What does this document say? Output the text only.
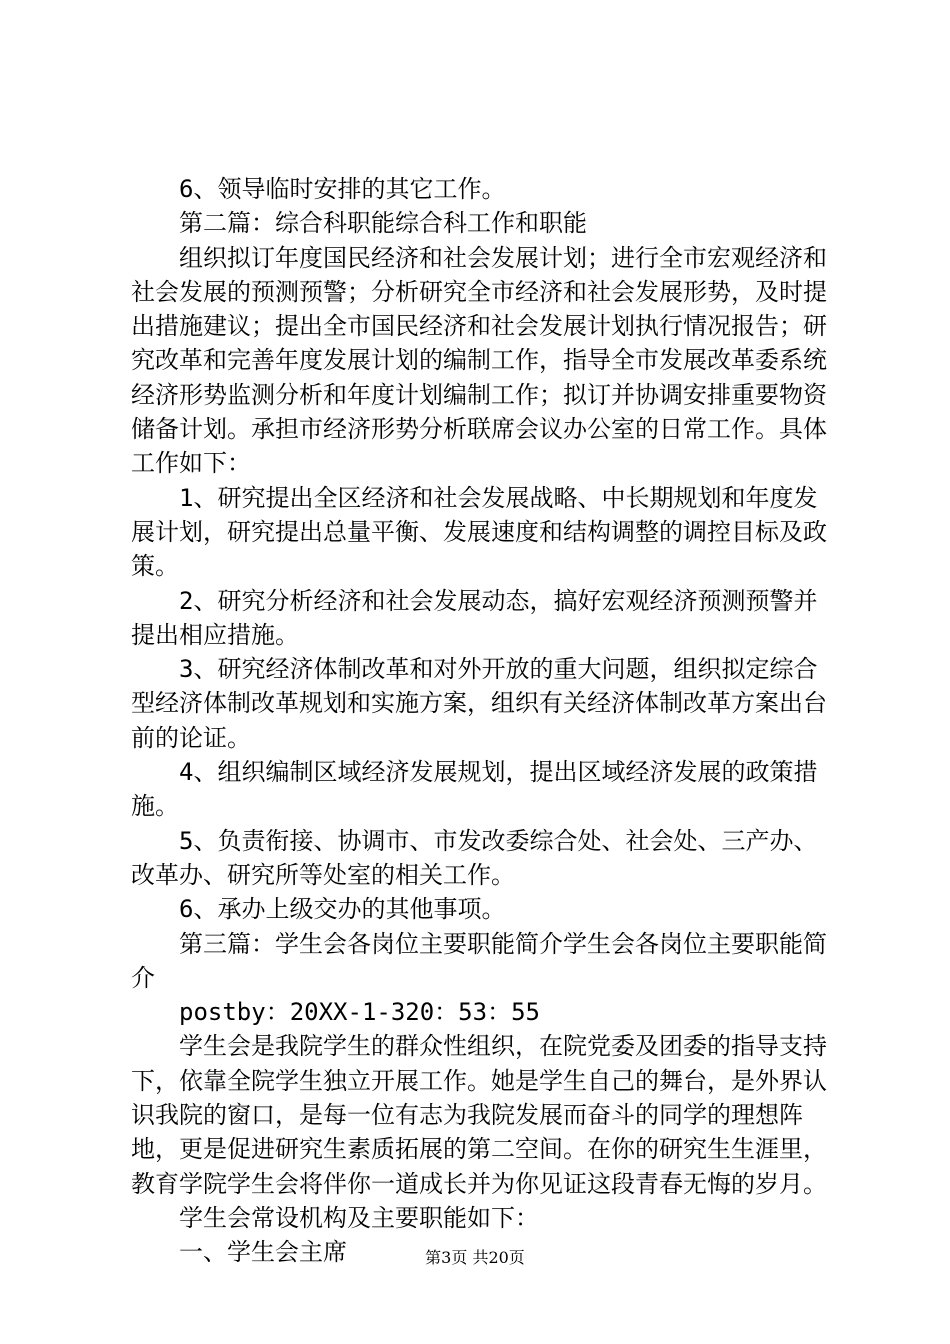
6、领导临时安排的其它工作。

第二篇：综合科职能综合科工作和职能

组织拟订年度国民经济和社会发展计划；进行全市宏观经济和社会发展的预测预警；分析研究全市经济和社会发展形势，及时提出措施建议；提出全市国民经济和社会发展计划执行情况报告；研究改革和完善年度发展计划的编制工作，指导全市发展改革委系统经济形势监测分析和年度计划编制工作；拟订并协调安排重要物资储备计划。承担市经济形势分析联席会议办公室的日常工作。具体工作如下：

1、研究提出全区经济和社会发展战略、中长期规划和年度发展计划，研究提出总量平衡、发展速度和结构调整的调控目标及政策。

2、研究分析经济和社会发展动态，搞好宏观经济预测预警并提出相应措施。

3、研究经济体制改革和对外开放的重大问题，组织拟定综合型经济体制改革规划和实施方案，组织有关经济体制改革方案出台前的论证。

4、组织编制区域经济发展规划，提出区域经济发展的政策措施。

5、负责衔接、协调市、市发改委综合处、社会处、三产办、改革办、研究所等处室的相关工作。

6、承办上级交办的其他事项。

第三篇：学生会各岗位主要职能简介学生会各岗位主要职能简介

postby：20XX-1-320：53：55

学生会是我院学生的群众性组织，在院党委及团委的指导支持下，依靠全院学生独立开展工作。她是学生自己的舞台，是外界认识我院的窗口，是每一位有志为我院发展而奋斗的同学的理想阵地，更是促进研究生素质拓展的第二空间。在你的研究生生涯里，教育学院学生会将伴你一道成长并为你见证这段青春无悔的岁月。

学生会常设机构及主要职能如下：

一、学生会主席	第3页 共20页
